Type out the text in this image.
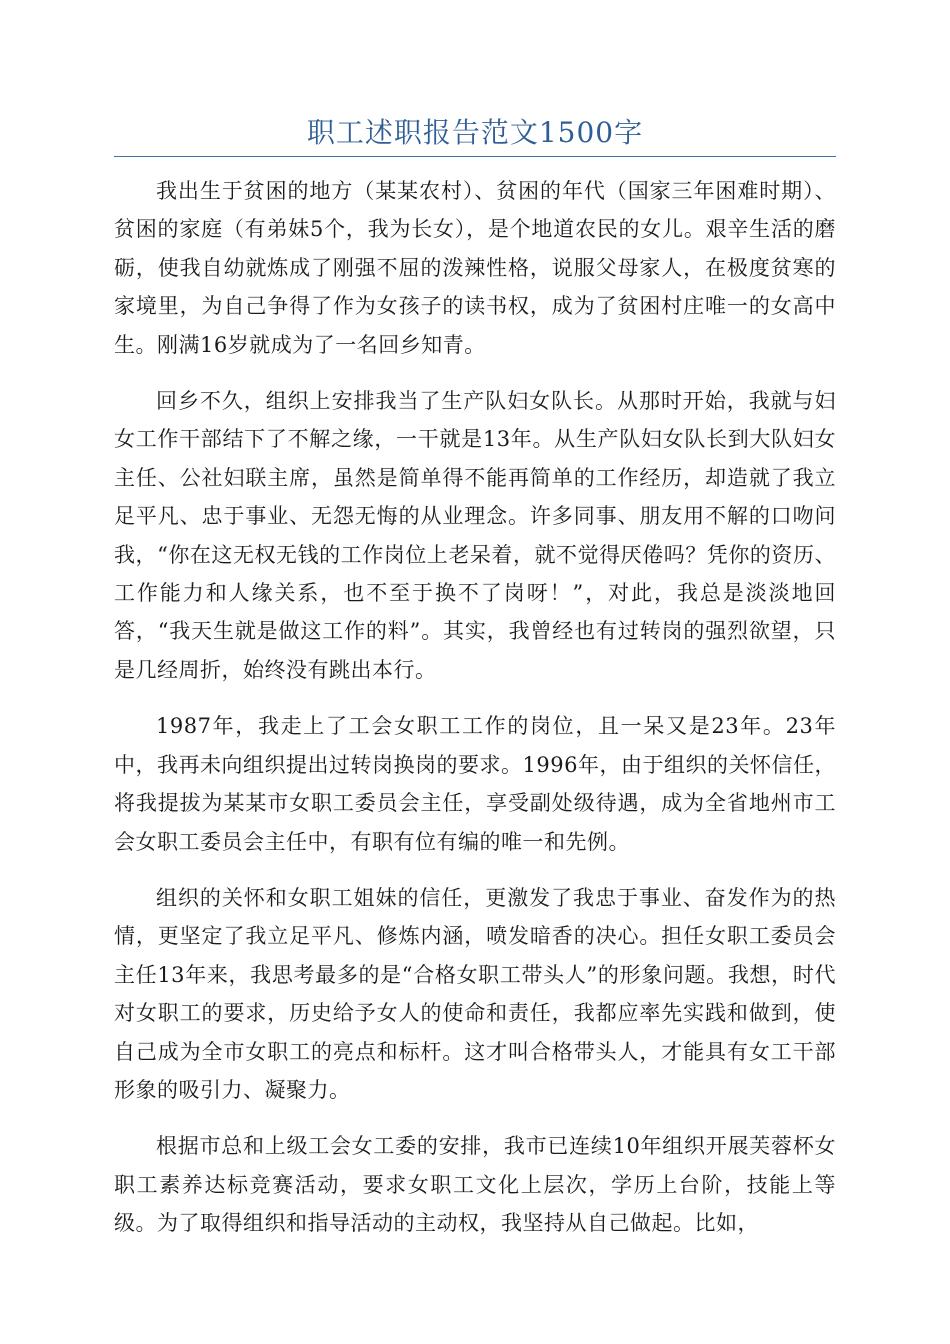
职工述职报告范文1500字

我出生于贫困的地方（某某农村）、贫困的年代（国家三年困难时期）、贫困的家庭（有弟妹5个，我为长女），是个地道农民的女儿。艰辛生活的磨砺，使我自幼就炼成了刚强不屈的泼辣性格，说服父母家人，在极度贫寒的家境里，为自己争得了作为女孩子的读书权，成为了贫困村庄唯一的女高中生。刚满16岁就成为了一名回乡知青。

回乡不久，组织上安排我当了生产队妇女队长。从那时开始，我就与妇女工作干部结下了不解之缘，一干就是13年。从生产队妇女队长到大队妇女主任、公社妇联主席，虽然是简单得不能再简单的工作经历，却造就了我立足平凡、忠于事业、无怨无悔的从业理念。许多同事、朋友用不解的口吻问我，“你在这无权无钱的工作岗位上老呆着，就不觉得厌倦吗？凭你的资历、工作能力和人缘关系，也不至于换不了岗呀！”，对此，我总是淡淡地回答，“我天生就是做这工作的料”。其实，我曾经也有过转岗的强烈欲望，只是几经周折，始终没有跳出本行。

1987年，我走上了工会女职工工作的岗位，且一呆又是23年。23年中，我再未向组织提出过转岗换岗的要求。1996年，由于组织的关怀信任，将我提拔为某某市女职工委员会主任，享受副处级待遇，成为全省地州市工会女职工委员会主任中，有职有位有编的唯一和先例。

组织的关怀和女职工姐妹的信任，更激发了我忠于事业、奋发作为的热情，更坚定了我立足平凡、修炼内涵，喷发暗香的决心。担任女职工委员会主任13年来，我思考最多的是“合格女职工带头人”的形象问题。我想，时代对女职工的要求，历史给予女人的使命和责任，我都应率先实践和做到，使自己成为全市女职工的亮点和标杆。这才叫合格带头人，才能具有女工干部形象的吸引力、凝聚力。

根据市总和上级工会女工委的安排，我市已连续10年组织开展芙蓉杯女职工素养达标竞赛活动，要求女职工文化上层次，学历上台阶，技能上等级。为了取得组织和指导活动的主动权，我坚持从自己做起。比如，
